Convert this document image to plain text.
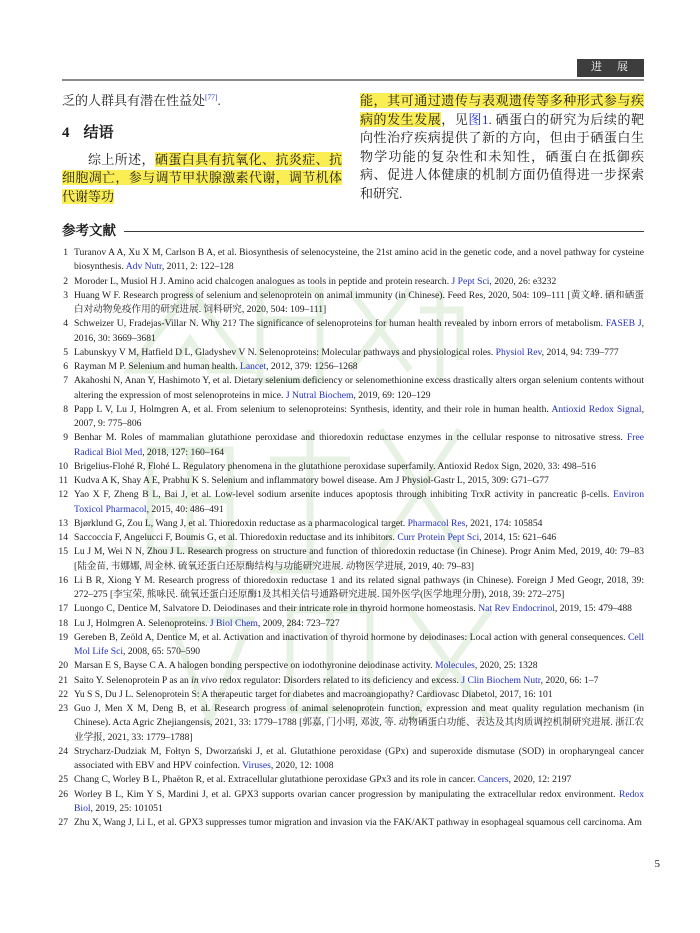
进 展

乏的人群具有潜在性益处[77].

4 结语

综上所述，硒蛋白具有抗氧化、抗炎症、抗细胞凋亡，参与调节甲状腺激素代谢，调节机体代谢等功

能，其可通过遗传与表观遗传等多种形式参与疾病的发生发展，见图1. 硒蛋白的研究为后续的靶向性治疗疾病提供了新的方向，但由于硒蛋白生物学功能的复杂性和未知性，硒蛋白在抵御疾病、促进人体健康的机制方面仍值得进一步探索和研究.

参考文献
1 Turanov A A, Xu X M, Carlson B A, et al. Biosynthesis of selenocysteine, the 21st amino acid in the genetic code, and a novel pathway for cysteine biosynthesis. Adv Nutr, 2011, 2: 122–128
2 Moroder L, Musiol H J. Amino acid chalcogen analogues as tools in peptide and protein research. J Pept Sci, 2020, 26: e3232
3 Huang W F. Research progress of selenium and selenoprotein on animal immunity (in Chinese). Feed Res, 2020, 504: 109–111 [黄文峰. 硒和硒蛋白对动物免疫作用的研究进展. 饲料研究, 2020, 504: 109–111]
4 Schweizer U, Fradejas-Villar N. Why 21? The significance of selenoproteins for human health revealed by inborn errors of metabolism. FASEB J, 2016, 30: 3669–3681
5 Labunskyy V M, Hatfield D L, Gladyshev V N. Selenoproteins: Molecular pathways and physiological roles. Physiol Rev, 2014, 94: 739–777
6 Rayman M P. Selenium and human health. Lancet, 2012, 379: 1256–1268
7 Akahoshi N, Anan Y, Hashimoto Y, et al. Dietary selenium deficiency or selenomethionine excess drastically alters organ selenium contents without altering the expression of most selenoproteins in mice. J Nutral Biochem, 2019, 69: 120–129
8 Papp L V, Lu J, Holmgren A, et al. From selenium to selenoproteins: Synthesis, identity, and their role in human health. Antioxid Redox Signal, 2007, 9: 775–806
9 Benhar M. Roles of mammalian glutathione peroxidase and thioredoxin reductase enzymes in the cellular response to nitrosative stress. Free Radical Biol Med, 2018, 127: 160–164
10 Brigelius-Flohé R, Flohé L. Regulatory phenomena in the glutathione peroxidase superfamily. Antioxid Redox Sign, 2020, 33: 498–516
11 Kudva A K, Shay A E, Prabhu K S. Selenium and inflammatory bowel disease. Am J Physiol-Gastr L, 2015, 309: G71–G77
12 Yao X F, Zheng B L, Bai J, et al. Low-level sodium arsenite induces apoptosis through inhibiting TrxR activity in pancreatic β-cells. Environ Toxicol Pharmacol, 2015, 40: 486–491
13 Bjørklund G, Zou L, Wang J, et al. Thioredoxin reductase as a pharmacological target. Pharmacol Res, 2021, 174: 105854
14 Saccoccia F, Angelucci F, Boumis G, et al. Thioredoxin reductase and its inhibitors. Curr Protein Pept Sci, 2014, 15: 621–646
15 Lu J M, Wei N N, Zhou J L. Research progress on structure and function of thioredoxin reductase (in Chinese). Progr Anim Med, 2019, 40: 79–83 [陆金苗, 韦娜娜, 周金林. 硫氧还蛋白还原酶结构与功能研究进展. 动物医学进展, 2019, 40: 79–83]
16 Li B R, Xiong Y M. Research progress of thioredoxin reductase 1 and its related signal pathways (in Chinese). Foreign J Med Geogr, 2018, 39: 272–275 [李宝荣, 熊咏民. 硫氧还蛋白还原酶1及其相关信号通路研究进展. 国外医学(医学地理分册), 2018, 39: 272–275]
17 Luongo C, Dentice M, Salvatore D. Deiodinases and their intricate role in thyroid hormone homeostasis. Nat Rev Endocrinol, 2019, 15: 479–488
18 Lu J, Holmgren A. Selenoproteins. J Biol Chem, 2009, 284: 723–727
19 Gereben B, Zeöld A, Dentice M, et al. Activation and inactivation of thyroid hormone by deiodinases: Local action with general consequences. Cell Mol Life Sci, 2008, 65: 570–590
20 Marsan E S, Bayse C A. A halogen bonding perspective on iodothyronine deiodinase activity. Molecules, 2020, 25: 1328
21 Saito Y. Selenoprotein P as an in vivo redox regulator: Disorders related to its deficiency and excess. J Clin Biochem Nutr, 2020, 66: 1–7
22 Yu S S, Du J L. Selenoprotein S: A therapeutic target for diabetes and macroangiopathy? Cardiovasc Diabetol, 2017, 16: 101
23 Guo J, Men X M, Deng B, et al. Research progress of animal selenoprotein function, expression and meat quality regulation mechanism (in Chinese). Acta Agric Zhejiangensis, 2021, 33: 1779–1788 [郭嘉, 门小明, 邓波, 等. 动物硒蛋白功能、表达及其肉质调控机制研究进展. 浙江农业学报, 2021, 33: 1779–1788]
24 Strycharz-Dudziak M, Fołtyn S, Dworzański J, et al. Glutathione peroxidase (GPx) and superoxide dismutase (SOD) in oropharyngeal cancer associated with EBV and HPV coinfection. Viruses, 2020, 12: 1008
25 Chang C, Worley B L, Phaëton R, et al. Extracellular glutathione peroxidase GPx3 and its role in cancer. Cancers, 2020, 12: 2197
26 Worley B L, Kim Y S, Mardini J, et al. GPX3 supports ovarian cancer progression by manipulating the extracellular redox environment. Redox Biol, 2019, 25: 101051
27 Zhu X, Wang J, Li L, et al. GPX3 suppresses tumor migration and invasion via the FAK/AKT pathway in esophageal squamous cell carcinoma. Am
5
